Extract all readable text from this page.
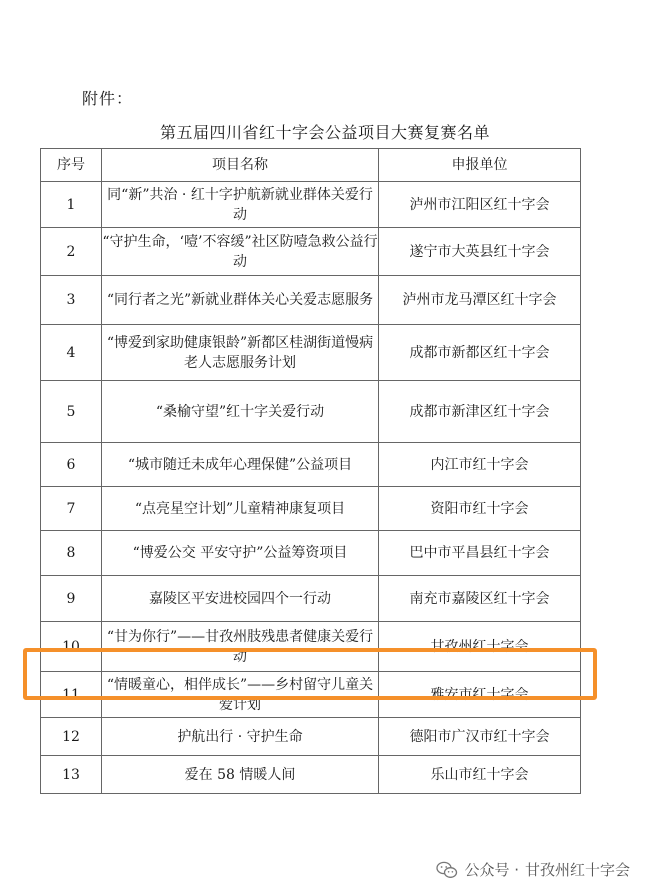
附件：
第五届四川省红十字会公益项目大赛复赛名单
序号	项目名称	申报单位
1	同“新”共治 · 红十字护航新就业群体关爱行动	泸州市江阳区红十字会
2	“守护生命，‘噎’不容缓”社区防噎急救公益行动	遂宁市大英县红十字会
3	“同行者之光”新就业群体关心关爱志愿服务	泸州市龙马潭区红十字会
4	“博爱到家助健康银龄”新都区桂湖街道慢病老人志愿服务计划	成都市新都区红十字会
5	“桑榆守望”红十字关爱行动	成都市新津区红十字会
6	“城市随迁未成年心理保健”公益项目	内江市红十字会
7	“点亮星空计划”儿童精神康复项目	资阳市红十字会
8	“博爱公交 平安守护”公益筹资项目	巴中市平昌县红十字会
9	嘉陵区平安进校园四个一行动	南充市嘉陵区红十字会
10	“甘为你行”——甘孜州肢残患者健康关爱行动	甘孜州红十字会
11	“情暖童心，相伴成长”——乡村留守儿童关爱计划	雅安市红十字会
12	护航出行 · 守护生命	德阳市广汉市红十字会
13	爱在 58 情暖人间	乐山市红十字会
公众号 · 甘孜州红十字会
